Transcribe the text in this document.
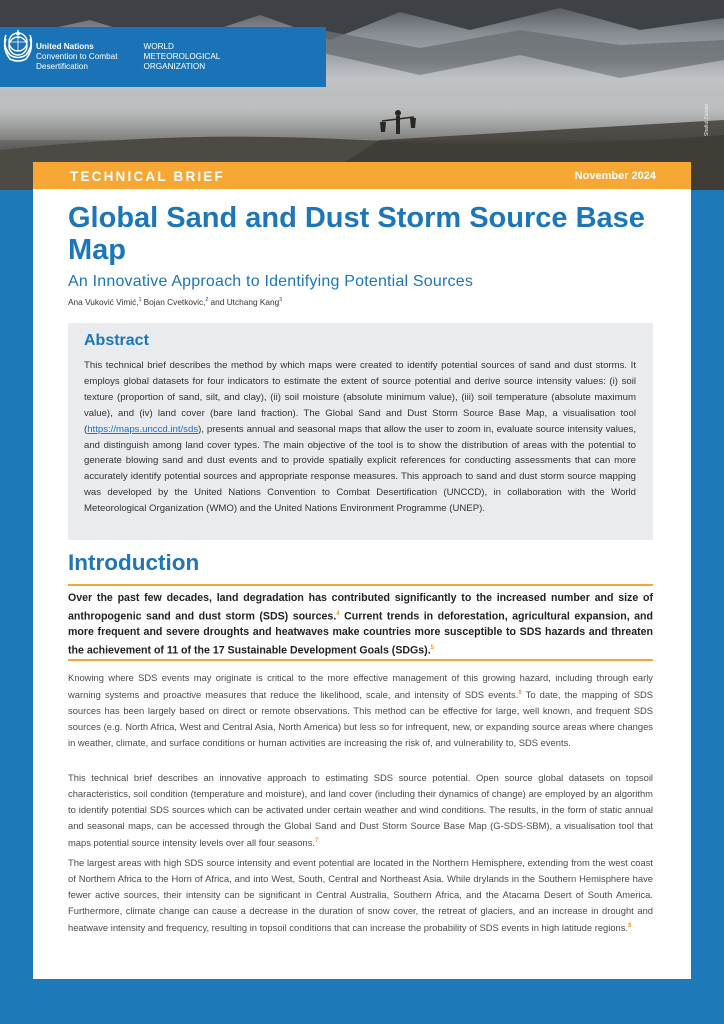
United Nations
Convention to Combat
Desertification
WORLD
METEOROLOGICAL
ORGANIZATION
Shafiul Zaman
TECHNICAL BRIEF	November 2024
Global Sand and Dust Storm Source Base Map
An Innovative Approach to Identifying Potential Sources
Ana Vuković Vimić,$^1$ Bojan Cvetkovic,$^2$ and Utchang Kang$^3$
Abstract

This technical brief describes the method by which maps were created to identify potential sources of sand and dust storms. It employs global datasets for four indicators to estimate the extent of source potential and derive source intensity values: (i) soil texture (proportion of sand, silt, and clay), (ii) soil moisture (absolute minimum value), (iii) soil temperature (absolute maximum value), and (iv) land cover (bare land fraction). The Global Sand and Dust Storm Source Base Map, a visualisation tool (https://maps.unccd.int/sds), presents annual and seasonal maps that allow the user to zoom in, evaluate source intensity values, and distinguish among land cover types. The main objective of the tool is to show the distribution of areas with the potential to generate blowing sand and dust events and to provide spatially explicit references for conducting assessments that can more accurately identify potential sources and appropriate response measures. This approach to sand and dust storm source mapping was developed by the United Nations Convention to Combat Desertification (UNCCD), in collaboration with the World Meteorological Organization (WMO) and the United Nations Environment Programme (UNEP).

Introduction

Over the past few decades, land degradation has contributed significantly to the increased number and size of anthropogenic sand and dust storm (SDS) sources.$^4$ Current trends in deforestation, agricultural expansion, and more frequent and severe droughts and heatwaves make countries more susceptible to SDS hazards and threaten the achievement of 11 of the 17 Sustainable Development Goals (SDGs).$^5$

Knowing where SDS events may originate is critical to the more effective management of this growing hazard, including through early warning systems and proactive measures that reduce the likelihood, scale, and intensity of SDS events.$^6$ To date, the mapping of SDS sources has been largely based on direct or remote observations. This method can be effective for large, well known, and frequent SDS sources (e.g. North Africa, West and Central Asia, North America) but less so for infrequent, new, or expanding source areas where changes in weather, climate, and surface conditions or human activities are increasing the risk of, and vulnerability to, SDS events.

This technical brief describes an innovative approach to estimating SDS source potential. Open source global datasets on topsoil characteristics, soil condition (temperature and moisture), and land cover (including their dynamics of change) are employed by an algorithm to identify potential SDS sources which can be activated under certain weather and wind conditions. The results, in the form of static annual and seasonal maps, can be accessed through the Global Sand and Dust Storm Source Base Map (G-SDS-SBM), a visualisation tool that maps potential source intensity levels over all four seasons.$^7$

The largest areas with high SDS source intensity and event potential are located in the Northern Hemisphere, extending from the west coast of Northern Africa to the Horn of Africa, and into West, South, Central and Northeast Asia. While drylands in the Southern Hemisphere have fewer active sources, their intensity can be significant in Central Australia, Southern Africa, and the Atacama Desert of South America. Furthermore, climate change can cause a decrease in the duration of snow cover, the retreat of glaciers, and an increase in drought and heatwave intensity and frequency, resulting in topsoil conditions that can increase the probability of SDS events in high latitude regions.$^8$
